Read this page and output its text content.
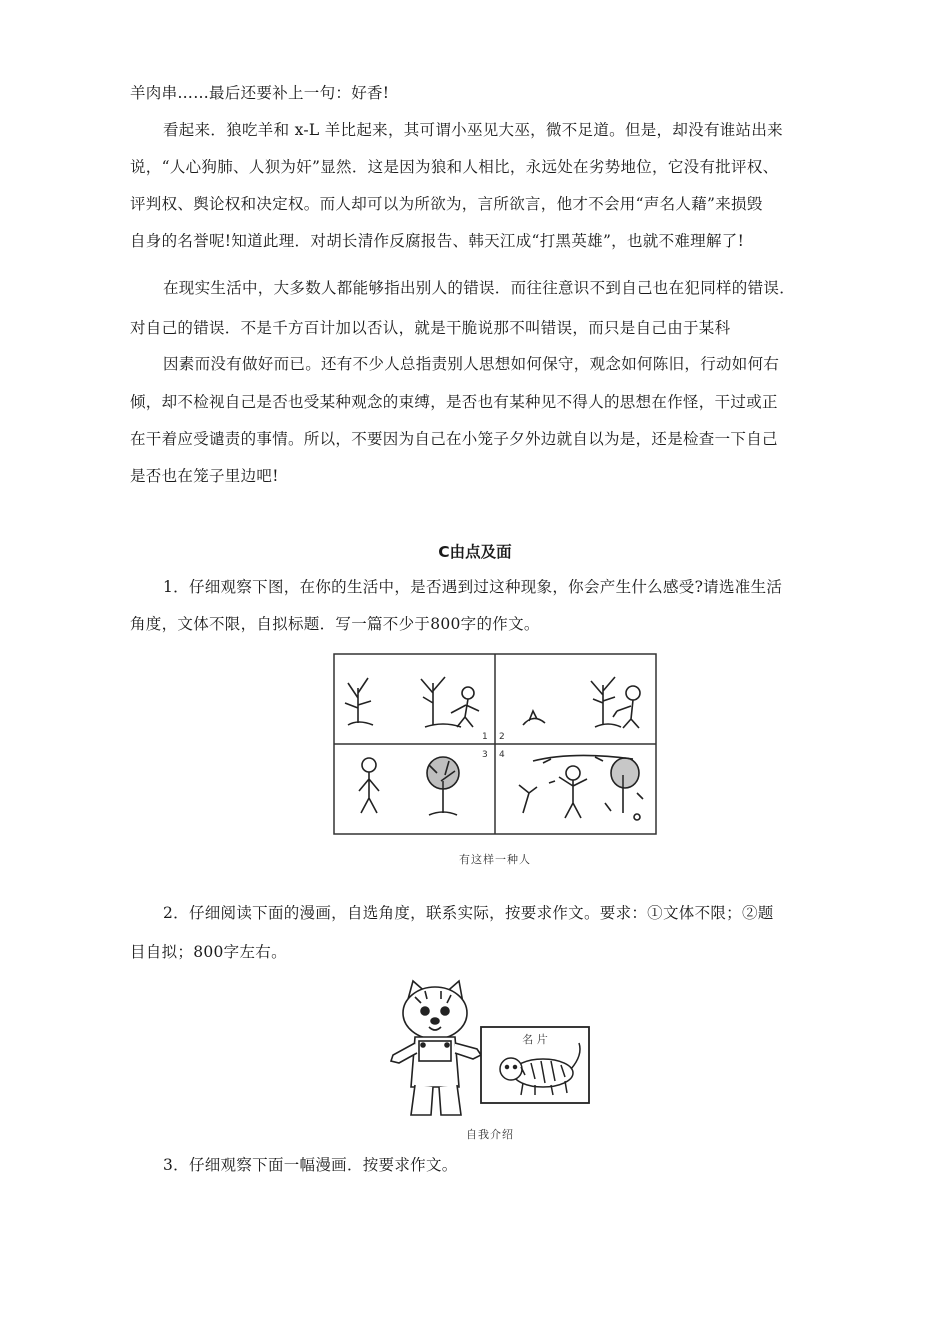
羊肉串……最后还要补上一句：好香!
看起来．狼吃羊和 x-L 羊比起来，其可谓小巫见大巫，微不足道。但是，却没有谁站出来
说，“人心狗肺、人狈为奸”显然．这是因为狼和人相比，永远处在劣势地位，它没有批评权、
评判权、舆论权和决定权。而人却可以为所欲为，言所欲言，他才不会用“声名人藉”来损毁
自身的名誉呢!知道此理．对胡长清作反腐报告、韩天江成“打黑英雄”，也就不难理解了!
在现实生活中，大多数人都能够指出别人的错误．而往往意识不到自己也在犯同样的错误．
对自己的错误．不是千方百计加以否认，就是干脆说那不叫错误，而只是自己由于某科
因素而没有做好而已。还有不少人总指责别人思想如何保守，观念如何陈旧，行动如何右
倾，却不检视自己是否也受某种观念的束缚，是否也有某种见不得人的思想在作怪，干过或正
在干着应受谴责的事情。所以，不要因为自己在小笼子夕外边就自以为是，还是检查一下自己
是否也在笼子里边吧!
C由点及面
1．仔细观察下图，在你的生活中，是否遇到过这种现象，你会产生什么感受?请选准生活
角度，文体不限，自拟标题．写一篇不少于800字的作文。
1 2
3 4
有这样一种人
2．仔细阅读下面的漫画，自选角度，联系实际，按要求作文。要求：①文体不限；②题
目自拟；800字左右。
名 片
自我介绍
3．仔细观察下面一幅漫画．按要求作文。
